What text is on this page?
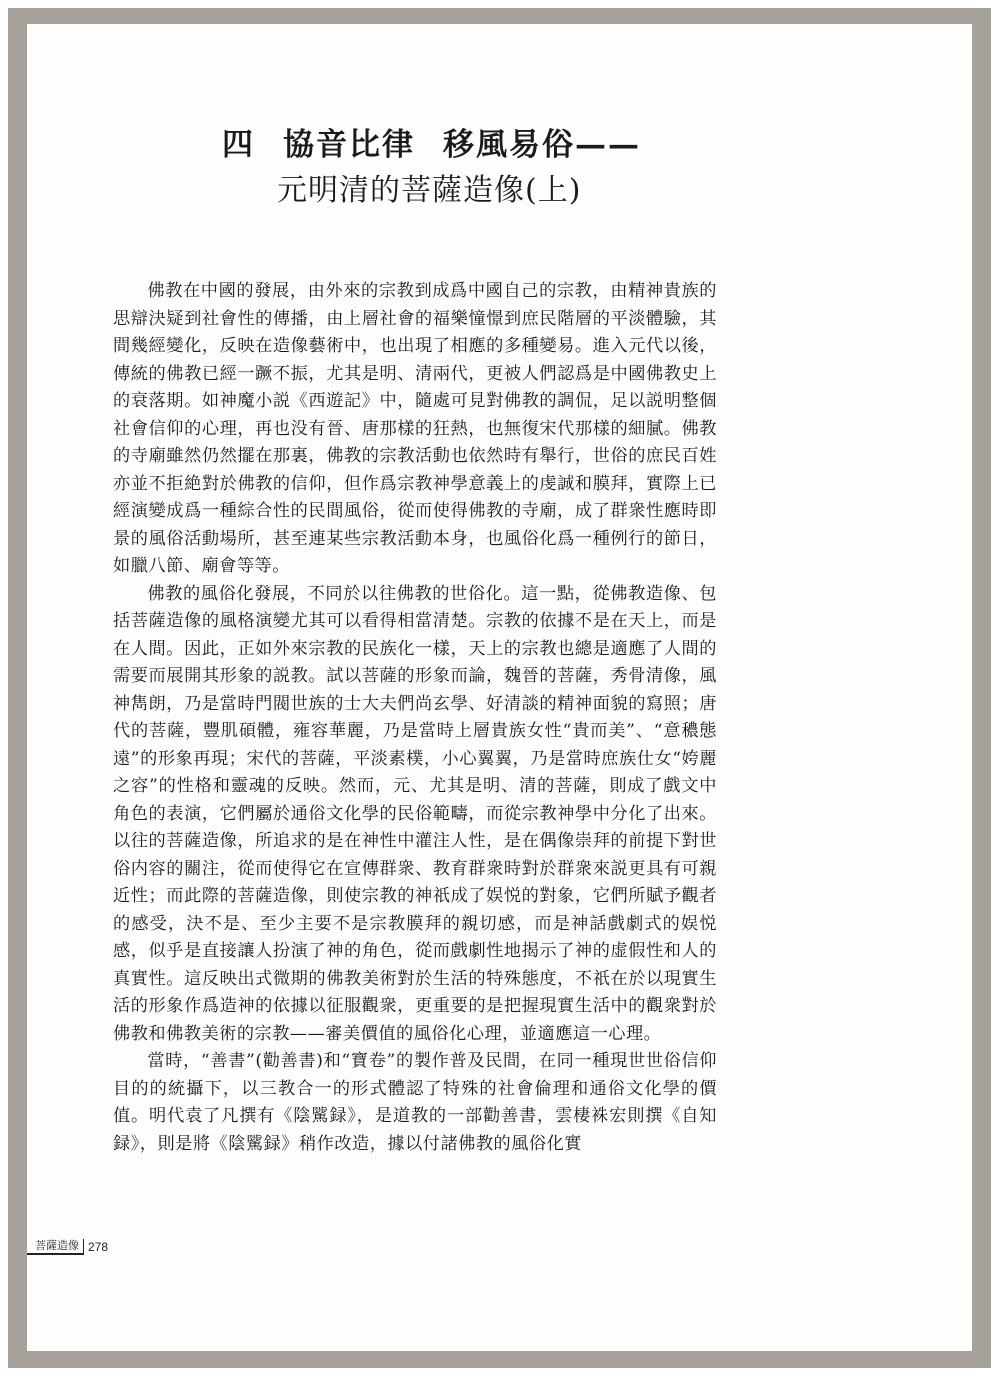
四 協音比律 移風易俗——
元明清的菩薩造像(上)

佛教在中國的發展，由外來的宗教到成爲中國自己的宗教，由精神貴族的思辯決疑到社會性的傳播，由上層社會的福樂憧憬到庶民階層的平淡體驗，其間幾經變化，反映在造像藝術中，也出現了相應的多種變易。進入元代以後，傳統的佛教已經一蹶不振，尤其是明、清兩代，更被人們認爲是中國佛教史上的衰落期。如神魔小説《西遊記》中，隨處可見對佛教的調侃，足以説明整個社會信仰的心理，再也没有晉、唐那樣的狂熱，也無復宋代那樣的細膩。佛教的寺廟雖然仍然擺在那裏，佛教的宗教活動也依然時有舉行，世俗的庶民百姓亦並不拒絶對於佛教的信仰，但作爲宗教神學意義上的虔誠和膜拜，實際上已經演變成爲一種綜合性的民間風俗，從而使得佛教的寺廟，成了群衆性應時即景的風俗活動場所，甚至連某些宗教活動本身，也風俗化爲一種例行的節日，如臘八節、廟會等等。

佛教的風俗化發展，不同於以往佛教的世俗化。這一點，從佛教造像、包括菩薩造像的風格演變尤其可以看得相當清楚。宗教的依據不是在天上，而是在人間。因此，正如外來宗教的民族化一樣，天上的宗教也總是適應了人間的需要而展開其形象的説教。試以菩薩的形象而論，魏晉的菩薩，秀骨清像，風神雋朗，乃是當時門閥世族的士大夫們尚玄學、好清談的精神面貌的寫照；唐代的菩薩，豐肌碩體，雍容華麗，乃是當時上層貴族女性“貴而美”、“意穠態遠”的形象再現；宋代的菩薩，平淡素樸，小心翼翼，乃是當時庶族仕女“姱麗之容”的性格和靈魂的反映。然而，元、尤其是明、清的菩薩，則成了戲文中角色的表演，它們屬於通俗文化學的民俗範疇，而從宗教神學中分化了出來。以往的菩薩造像，所追求的是在神性中灌注人性，是在偶像崇拜的前提下對世俗内容的關注，從而使得它在宣傳群衆、教育群衆時對於群衆來説更具有可親近性；而此際的菩薩造像，則使宗教的神祇成了娱悦的對象，它們所賦予觀者的感受，決不是、至少主要不是宗教膜拜的親切感，而是神話戲劇式的娱悦感，似乎是直接讓人扮演了神的角色，從而戲劇性地揭示了神的虚假性和人的真實性。這反映出式微期的佛教美術對於生活的特殊態度，不祇在於以現實生活的形象作爲造神的依據以征服觀衆，更重要的是把握現實生活中的觀衆對於佛教和佛教美術的宗教——審美價值的風俗化心理，並適應這一心理。

當時，“善書”(勸善書)和“寶卷”的製作普及民間，在同一種現世世俗信仰目的的統攝下，以三教合一的形式體認了特殊的社會倫理和通俗文化學的價值。明代袁了凡撰有《陰騭録》，是道教的一部勸善書，雲棲袾宏則撰《自知録》，則是將《陰騭録》稍作改造，據以付諸佛教的風俗化實

菩薩造像 278
